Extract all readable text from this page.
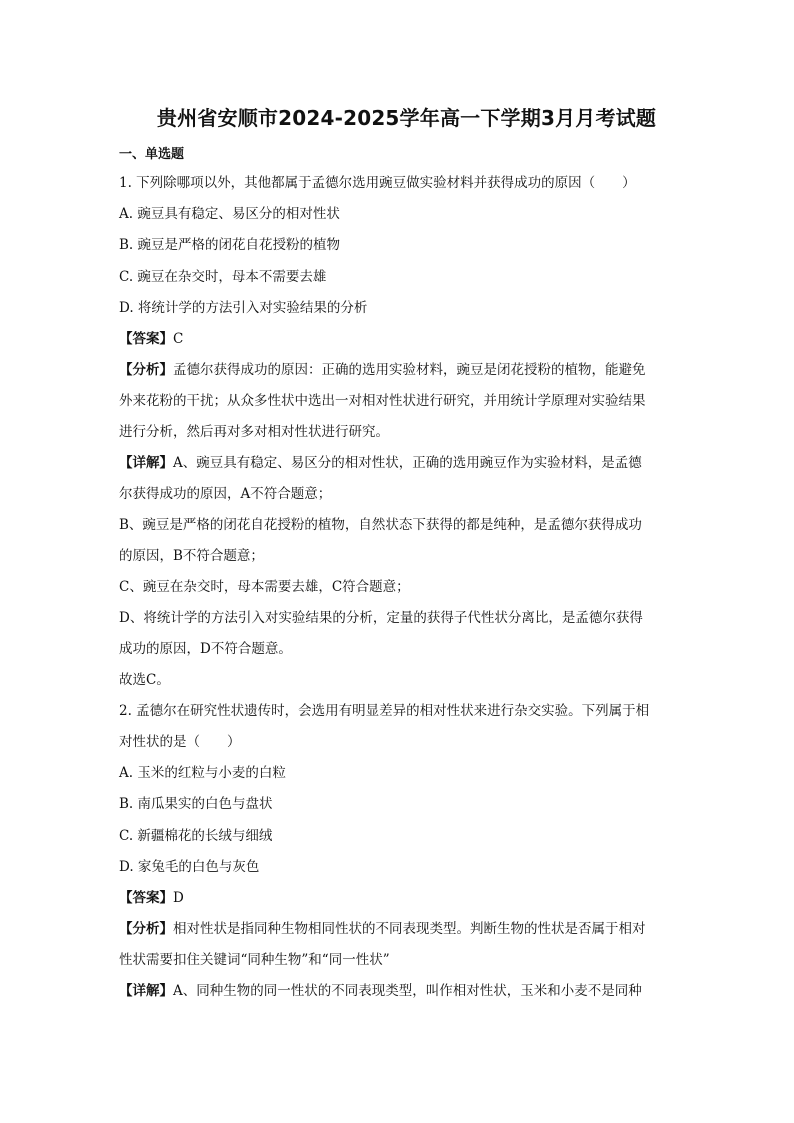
贵州省安顺市2024-2025学年高一下学期3月月考试题
一、单选题
1. 下列除哪项以外，其他都属于孟德尔选用豌豆做实验材料并获得成功的原因（　　）
A. 豌豆具有稳定、易区分的相对性状
B. 豌豆是严格的闭花自花授粉的植物
C. 豌豆在杂交时，母本不需要去雄
D. 将统计学的方法引入对实验结果的分析
【答案】C
【分析】孟德尔获得成功的原因：正确的选用实验材料，豌豆是闭花授粉的植物，能避免
外来花粉的干扰；从众多性状中选出一对相对性状进行研究，并用统计学原理对实验结果
进行分析，然后再对多对相对性状进行研究。
【详解】A、豌豆具有稳定、易区分的相对性状，正确的选用豌豆作为实验材料，是孟德
尔获得成功的原因，A不符合题意；
B、豌豆是严格的闭花自花授粉的植物，自然状态下获得的都是纯种，是孟德尔获得成功
的原因，B不符合题意；
C、豌豆在杂交时，母本需要去雄，C符合题意；
D、将统计学的方法引入对实验结果的分析，定量的获得子代性状分离比，是孟德尔获得
成功的原因，D不符合题意。
故选C。
2. 孟德尔在研究性状遗传时，会选用有明显差异的相对性状来进行杂交实验。下列属于相
对性状的是（　　）
A. 玉米的红粒与小麦的白粒
B. 南瓜果实的白色与盘状
C. 新疆棉花的长绒与细绒
D. 家兔毛的白色与灰色
【答案】D
【分析】相对性状是指同种生物相同性状的不同表现类型。判断生物的性状是否属于相对
性状需要扣住关键词“同种生物”和“同一性状”
【详解】A、同种生物的同一性状的不同表现类型，叫作相对性状，玉米和小麦不是同种
